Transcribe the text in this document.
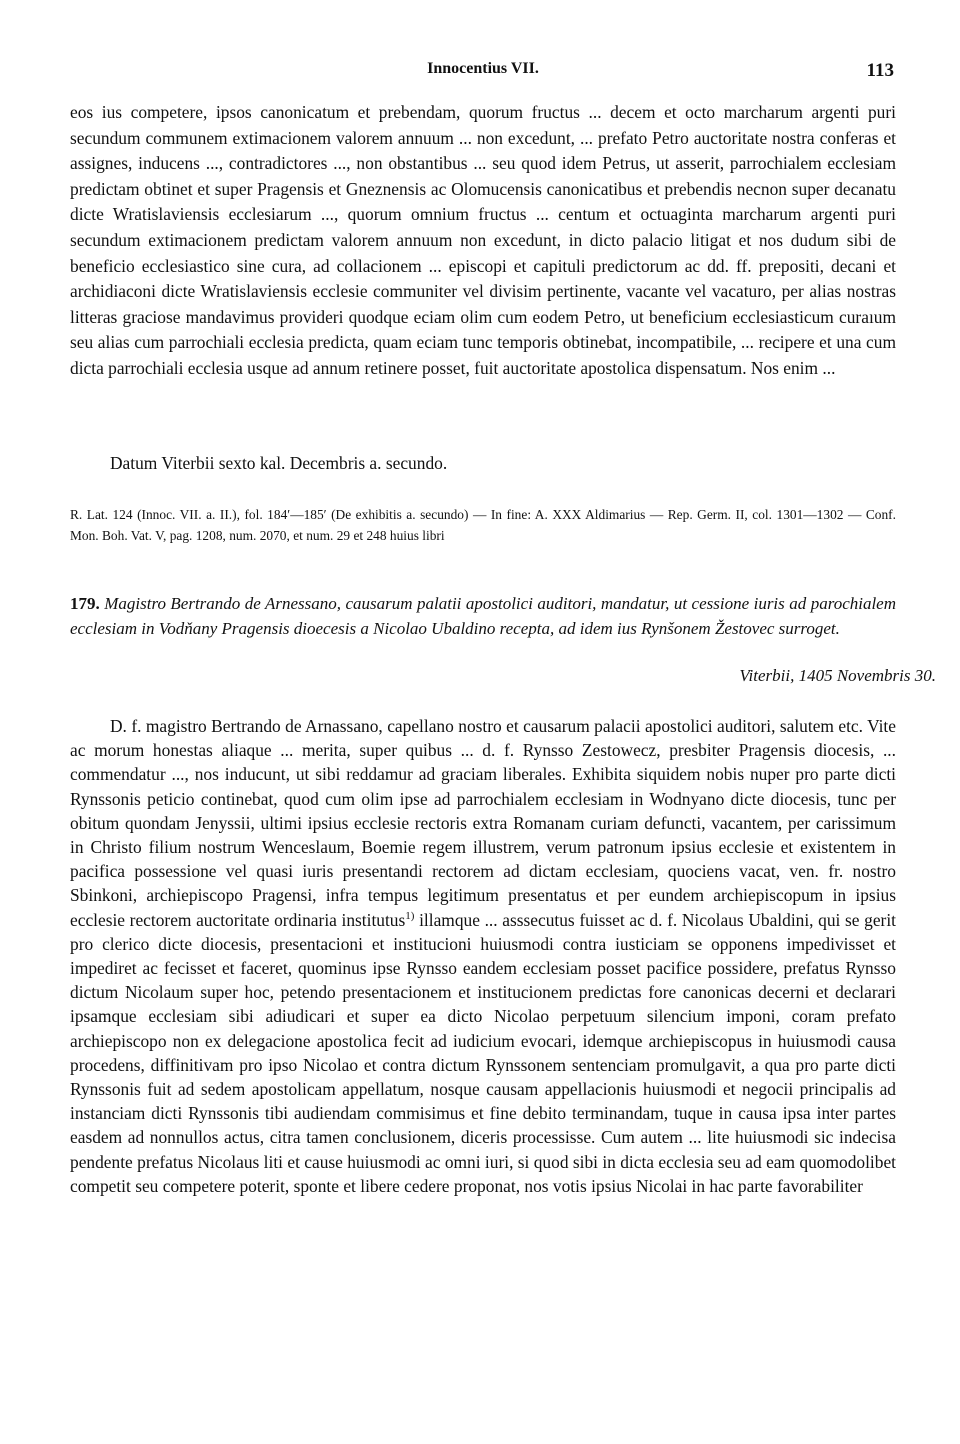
Innocentius VII.	113

eos ius competere, ipsos canonicatum et prebendam, quorum fructus ... decem et octo marcharum argenti puri secundum communem extimacionem valorem annuum ... non excedunt, ... prefato Petro auctoritate nostra conferas et assignes, inducens ..., contradictores ..., non obstantibus ... seu quod idem Petrus, ut asserit, parrochialem ecclesiam predictam obtinet et super Pragensis et Gneznensis ac Olomucensis canonicatibus et prebendis necnon super decanatu dicte Wratislaviensis ecclesiarum ..., quorum omnium fructus ... centum et octuaginta marcharum argenti puri secundum extimacionem predictam valorem annuum non excedunt, in dicto palacio litigat et nos dudum sibi de beneficio ecclesiastico sine cura, ad collacionem ... episcopi et capituli predictorum ac dd. ff. prepositi, decani et archidiaconi dicte Wratislaviensis ecclesie communiter vel divisim pertinente, vacante vel vacaturo, per alias nostras litteras graciose mandavimus provideri quodque eciam olim cum eodem Petro, ut beneficium ecclesiasticum curaıum seu alias cum parrochiali ecclesia predicta, quam eciam tunc temporis obtinebat, incompatibile, ... recipere et una cum dicta parrochiali ecclesia usque ad annum retinere posset, fuit auctoritate apostolica dispensatum. Nos enim ...

Datum Viterbii sexto kal. Decembris a. secundo.

R. Lat. 124 (Innoc. VII. a. II.), fol. 184′—185′ (De exhibitis a. secundo) — In fine: A. XXX Aldimarius — Rep. Germ. II, col. 1301—1302 — Conf. Mon. Boh. Vat. V, pag. 1208, num. 2070, et num. 29 et 248 huius libri

179. Magistro Bertrando de Arnessano, causarum palatii apostolici auditori, mandatur, ut cessione iuris ad parochialem ecclesiam in Vodňany Pragensis dioecesis a Nicolao Ubaldino recepta, ad idem ius Rynšonem Žestovec surroget.

Viterbii, 1405 Novembris 30.

D. f. magistro Bertrando de Arnassano, capellano nostro et causarum palacii apostolici auditori, salutem etc. Vite ac morum honestas aliaque ... merita, super quibus ... d. f. Rynsso Zestowecz, presbiter Pragensis diocesis, ... commendatur ..., nos inducunt, ut sibi reddamur ad graciam liberales. Exhibita siquidem nobis nuper pro parte dicti Rynssonis peticio continebat, quod cum olim ipse ad parrochialem ecclesiam in Wodnyano dicte diocesis, tunc per obitum quondam Jenyssii, ultimi ipsius ecclesie rectoris extra Romanam curiam defuncti, vacantem, per carissimum in Christo filium nostrum Wenceslaum, Boemie regem illustrem, verum patronum ipsius ecclesie et existentem in pacifica possessione vel quasi iuris presentandi rectorem ad dictam ecclesiam, quociens vacat, ven. fr. nostro Sbinkoni, archiepiscopo Pragensi, infra tempus legitimum presentatus et per eundem archiepiscopum in ipsius ecclesie rectorem auctoritate ordinaria institutus$^{1)}$ illamque ... asssecutus fuisset ac d. f. Nicolaus Ubaldini, qui se gerit pro clerico dicte diocesis, presentacioni et institucioni huiusmodi contra iusticiam se opponens impedivisset et impediret ac fecisset et faceret, quominus ipse Rynsso eandem ecclesiam posset pacifice possidere, prefatus Rynsso dictum Nicolaum super hoc, petendo presentacionem et institucionem predictas fore canonicas decerni et declarari ipsamque ecclesiam sibi adiudicari et super ea dicto Nicolao perpetuum silencium imponi, coram prefato archiepiscopo non ex delegacione apostolica fecit ad iudicium evocari, idemque archiepiscopus in huiusmodi causa procedens, diffinitivam pro ipso Nicolao et contra dictum Rynssonem sentenciam promulgavit, a qua pro parte dicti Rynssonis fuit ad sedem apostolicam appellatum, nosque causam appellacionis huiusmodi et negocii principalis ad instanciam dicti Rynssonis tibi audiendam commisimus et fine debito terminandam, tuque in causa ipsa inter partes easdem ad nonnullos actus, citra tamen conclusionem, diceris processisse. Cum autem ... lite huiusmodi sic indecisa pendente prefatus Nicolaus liti et cause huiusmodi ac omni iuri, si quod sibi in dicta ecclesia seu ad eam quomodolibet competit seu competere poterit, sponte et libere cedere proponat, nos votis ipsius Nicolai in hac parte favorabiliter
